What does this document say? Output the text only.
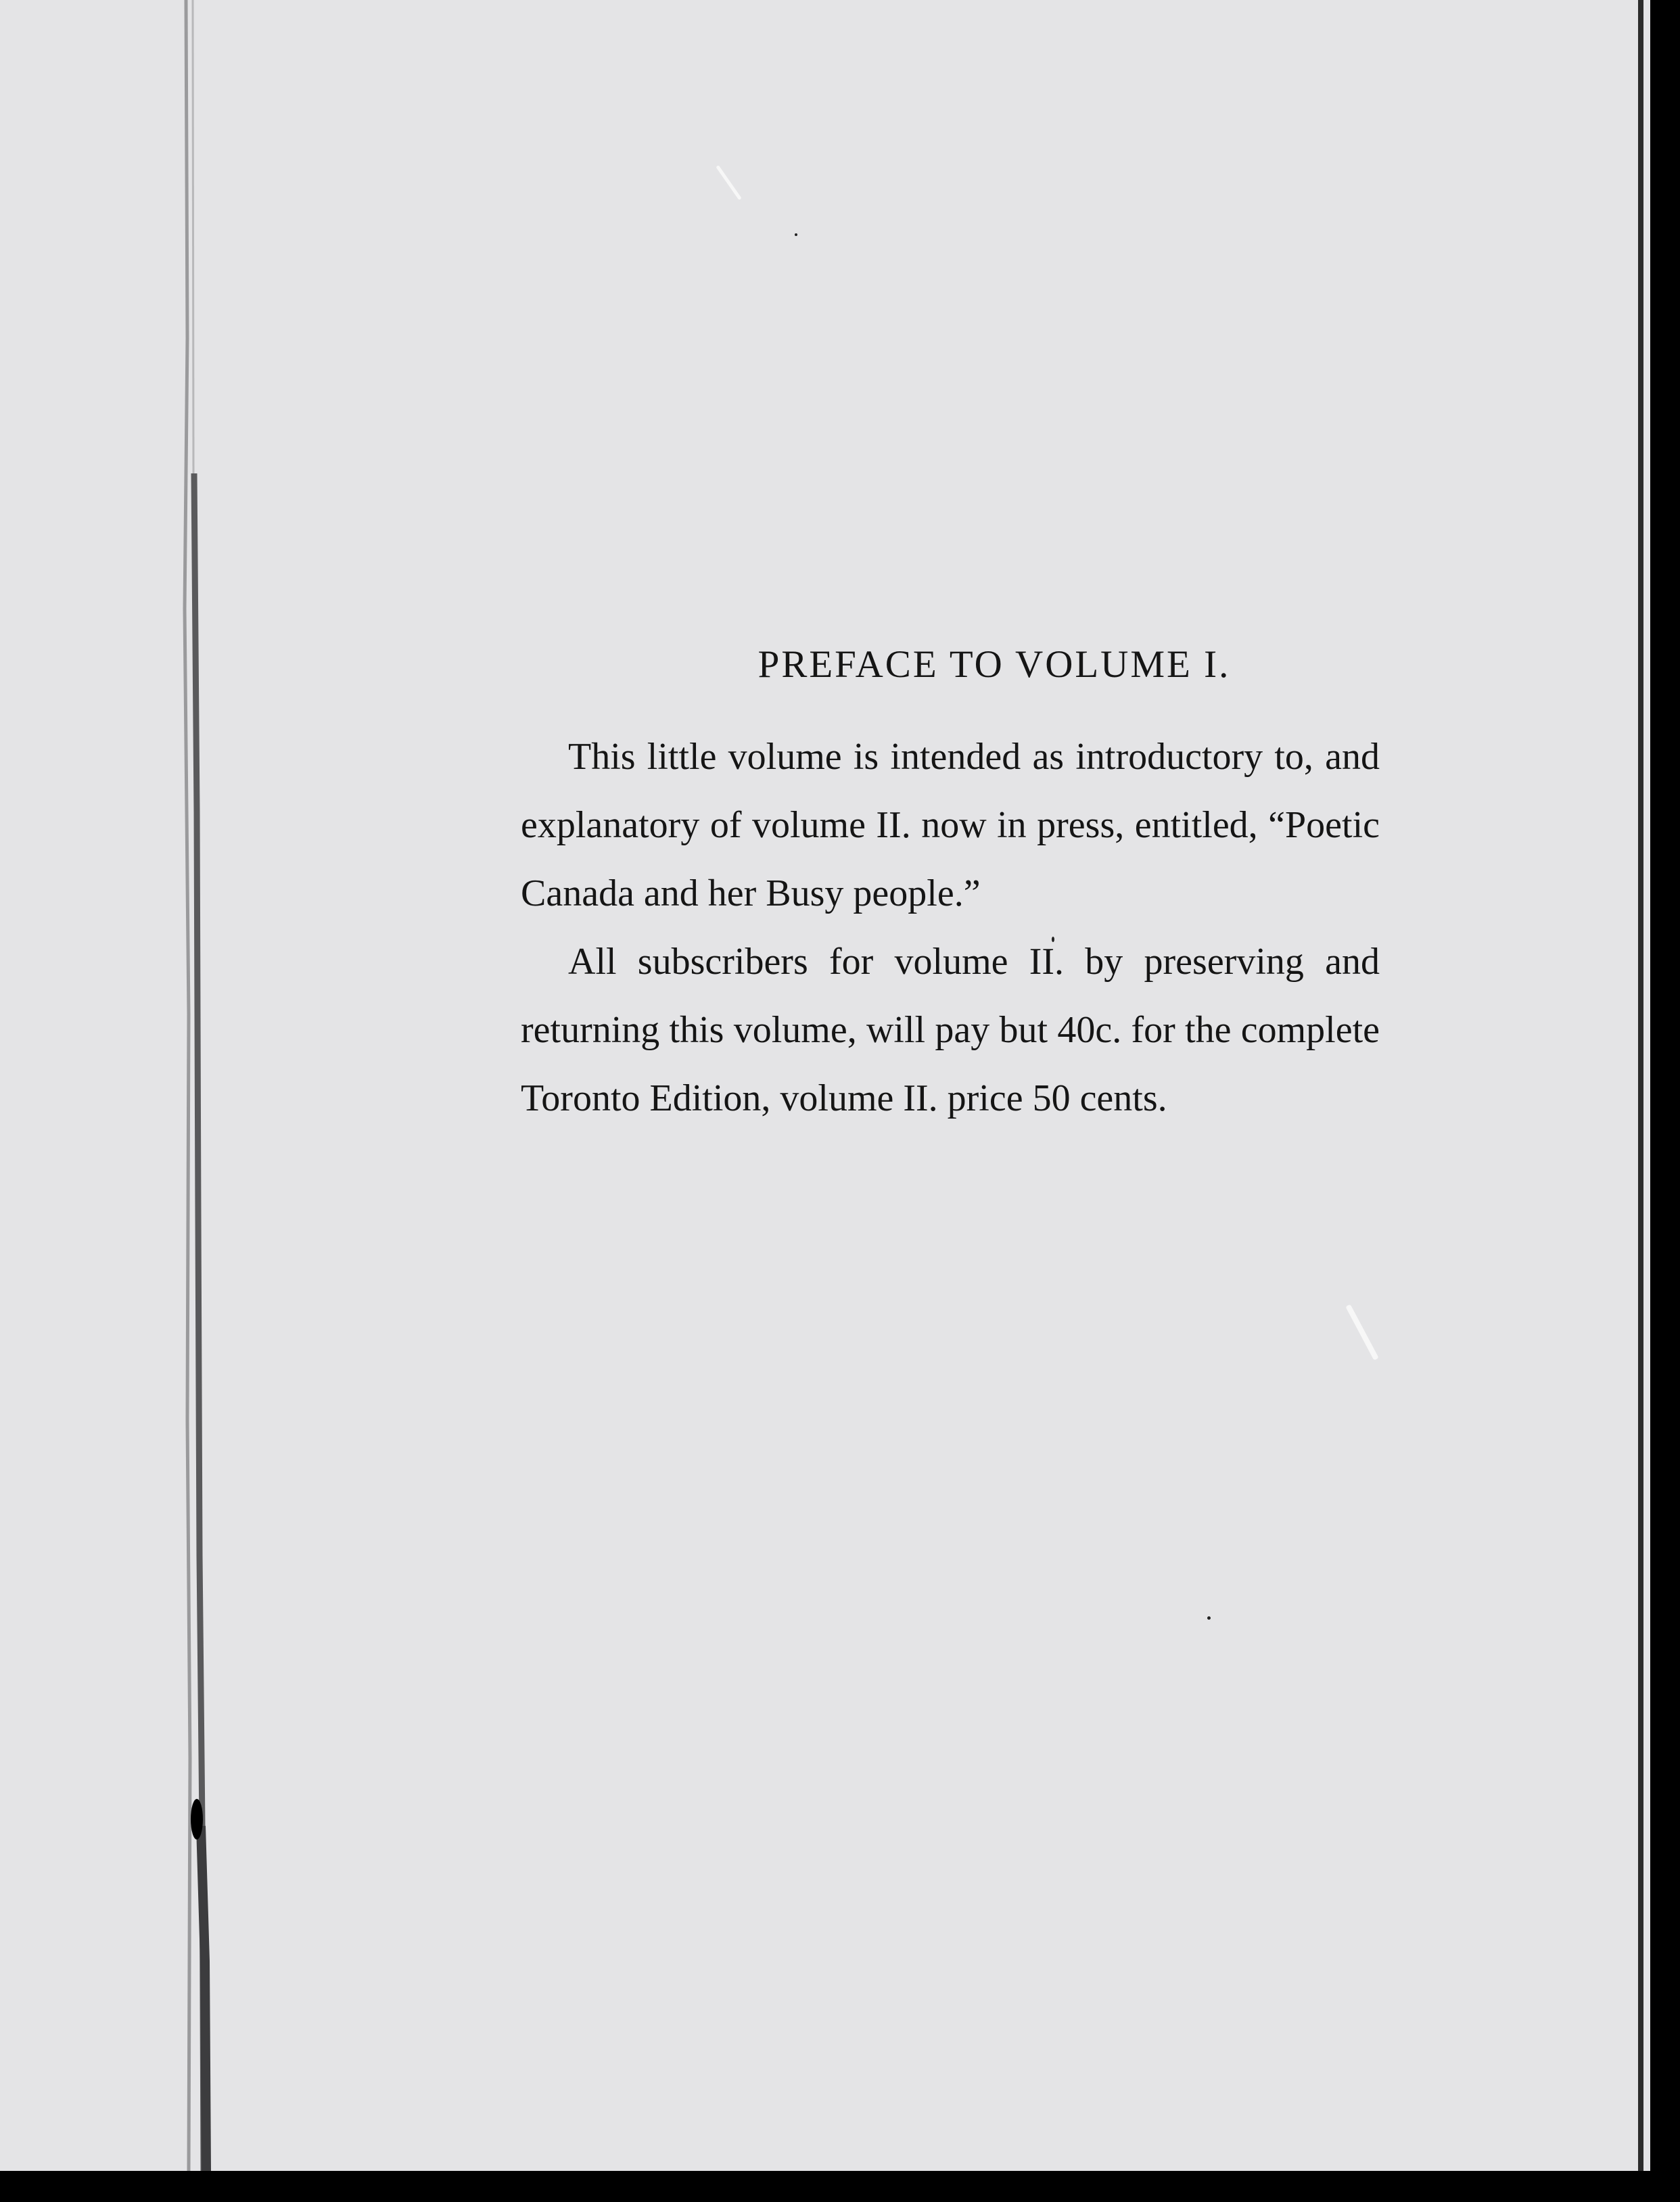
PREFACE TO VOLUME I.

This little volume is intended as introductory to, and explanatory of volume II. now in press, entitled, “Poetic Canada and her Busy people.”

All subscribers for volume II. by preserving and returning this volume, will pay but 40c. for the complete Toronto Edition, volume II. price 50 cents.
